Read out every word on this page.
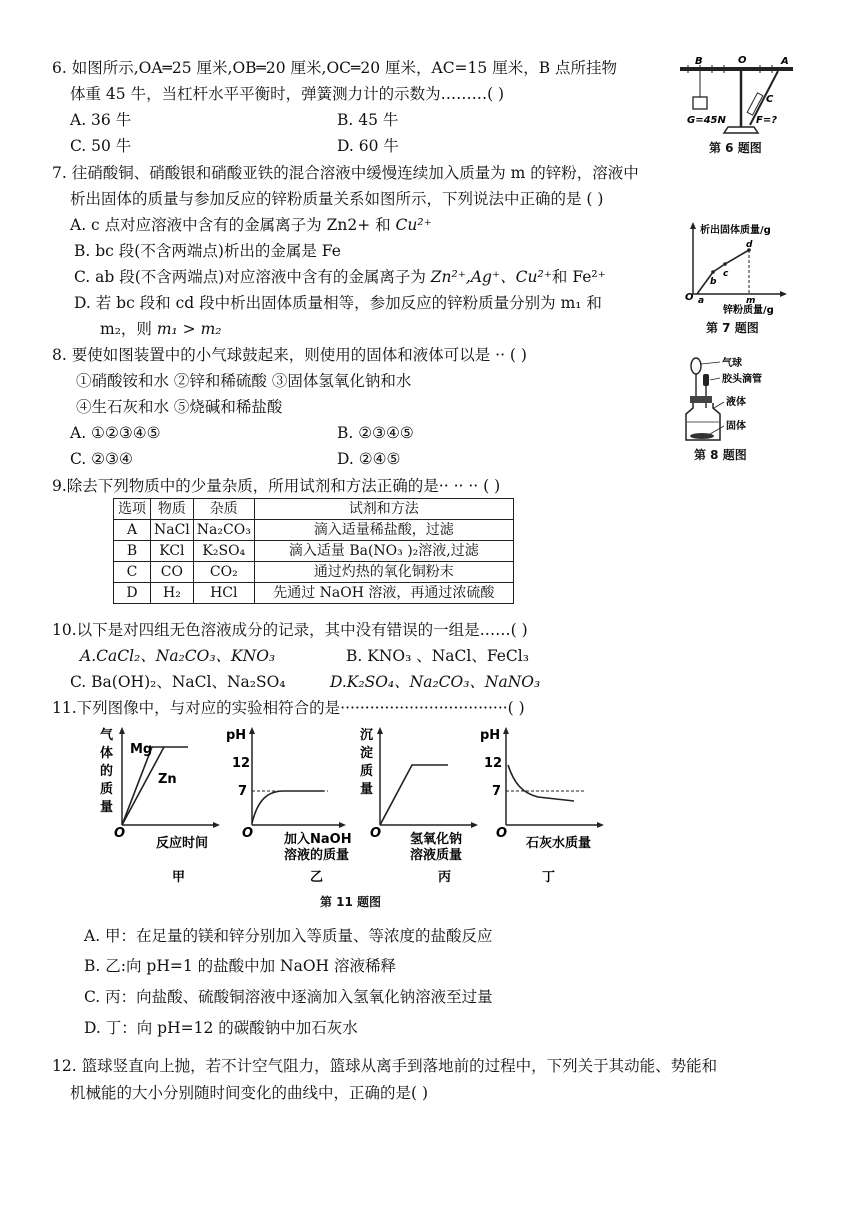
6. 如图所示,OA═25 厘米,OB═20 厘米,OC═20 厘米，AC=15 厘米，B 点所挂物
体重 45 牛，当杠杆水平平衡时，弹簧测力计的示数为………( )
A. 36 牛	B. 45 牛
C. 50 牛	D. 60 牛
B	O	A
C
G=45N	F=?
第 6 题图
7. 往硝酸铜、硝酸银和硝酸亚铁的混合溶液中缓慢连续加入质量为 m 的锌粉，溶液中
析出固体的质量与参加反应的锌粉质量关系如图所示，下列说法中正确的是 ( )
A. c 点对应溶液中含有的金属离子为 Zn2+ 和 Cu²⁺
B. bc 段(不含两端点)析出的金属是 Fe
C. ab 段(不含两端点)对应溶液中含有的金属离子为 Zn²⁺,Ag⁺、Cu²⁺和 Fe²⁺
D. 若 bc 段和 cd 段中析出固体质量相等，参加反应的锌粉质量分别为 m₁ 和
m₂，则 m₁ > m₂
析出固体质量/g
锌粉质量/g
O a
b
c
d
m
第 7 题图
8. 要使如图装置中的小气球鼓起来，则使用的固体和液体可以是 ·· ( )
①硝酸铵和水 ②锌和稀硫酸 ③固体氢氧化钠和水
④生石灰和水 ⑤烧碱和稀盐酸
A. ①②③④⑤	B. ②③④⑤
C. ②③④	D. ②④⑤
气球
胶头滴管
液体
固体
第 8 题图
9.除去下列物质中的少量杂质，所用试剂和方法正确的是·· ·· ·· ( )
选项	物质	杂质	试剂和方法
A	NaCl	Na₂CO₃	滴入适量稀盐酸，过滤
B	KCl	K₂SO₄	滴入适量 Ba(NO₃ )₂溶液,过滤
C	CO	CO₂	通过灼热的氧化铜粉末
D	H₂	HCl	先通过 NaOH 溶液，再通过浓硫酸
10.以下是对四组无色溶液成分的记录，其中没有错误的一组是……( )
A.CaCl₂、Na₂CO₃、KNO₃	B. KNO₃ 、NaCl、FeCl₃
C. Ba(OH)₂、NaCl、Na₂SO₄	D.K₂SO₄、Na₂CO₃、NaNO₃
11.下列图像中，与对应的实验相符合的是··································( )
气
体
的
质
量
Mg
Zn
O
反应时间
甲
pH
12
7
O 加入NaOH
溶液的质量
乙
沉
淀
质
量
O 氢氧化钠
溶液质量
丙
pH
12
7
O
石灰水质量
丁
第 11 题图
A. 甲：在足量的镁和锌分别加入等质量、等浓度的盐酸反应
B. 乙:向 pH=1 的盐酸中加 NaOH 溶液稀释
C. 丙：向盐酸、硫酸铜溶液中逐滴加入氢氧化钠溶液至过量
D. 丁：向 pH=12 的碳酸钠中加石灰水
12. 篮球竖直向上抛，若不计空气阻力，篮球从离手到落地前的过程中，下列关于其动能、势能和
机械能的大小分别随时间变化的曲线中，正确的是( )
